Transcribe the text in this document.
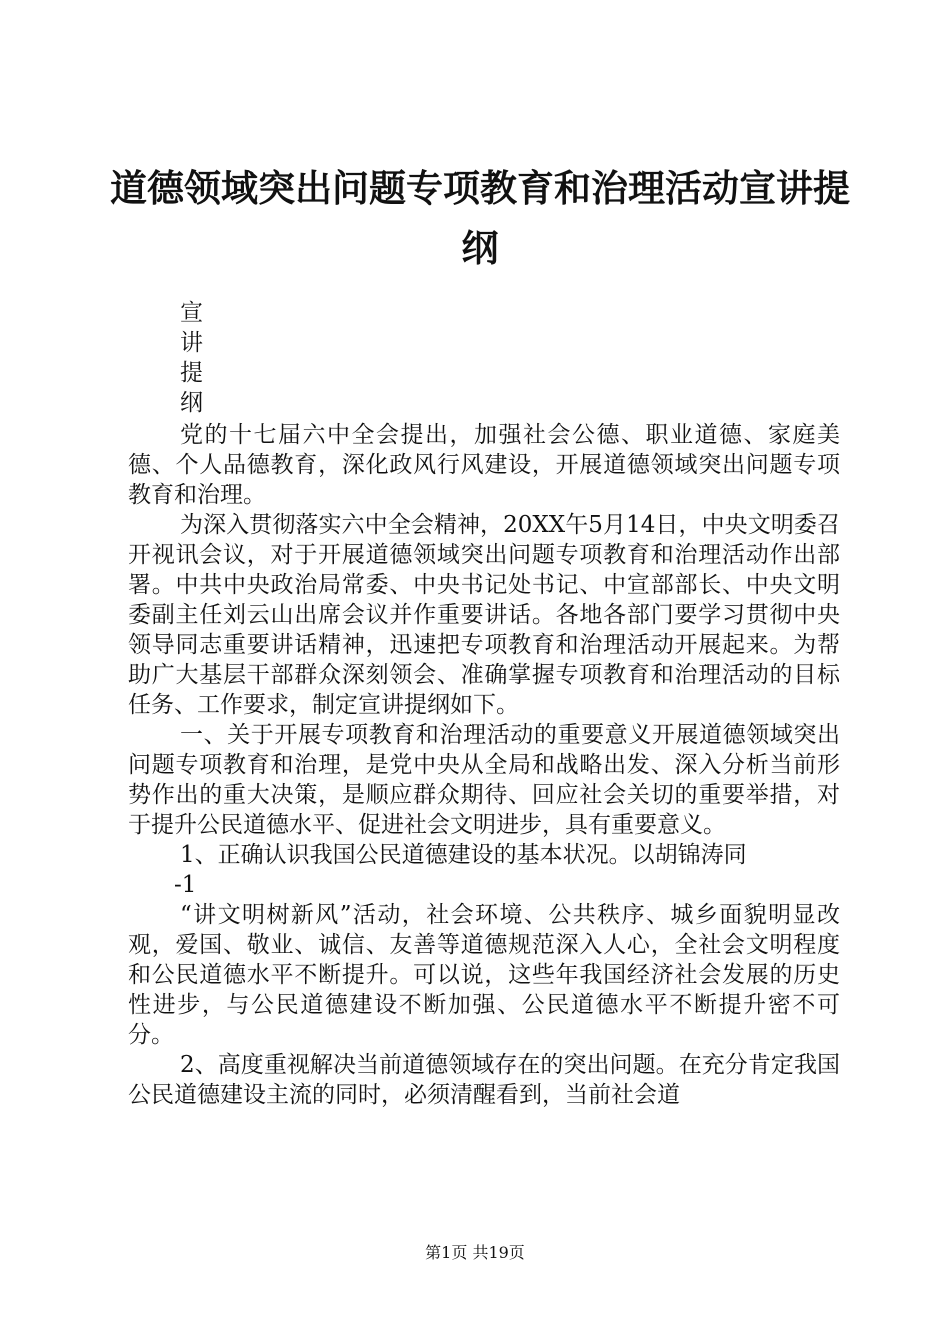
道德领域突出问题专项教育和治理活动宣讲提纲
宣
讲
提
纲

党的十七届六中全会提出，加强社会公德、职业道德、家庭美德、个人品德教育，深化政风行风建设，开展道德领域突出问题专项教育和治理。

为深入贯彻落实六中全会精神，20XX午5月14日，中央文明委召开视讯会议，对于开展道德领域突出问题专项教育和治理活动作出部署。中共中央政治局常委、中央书记处书记、中宣部部长、中央文明委副主任刘云山出席会议并作重要讲话。各地各部门要学习贯彻中央领导同志重要讲话精神，迅速把专项教育和治理活动开展起来。为帮助广大基层干部群众深刻领会、准确掌握专项教育和治理活动的目标任务、工作要求，制定宣讲提纲如下。

一、关于开展专项教育和治理活动的重要意义开展道德领域突出问题专项教育和治理，是党中央从全局和战略出发、深入分析当前形势作出的重大决策，是顺应群众期待、回应社会关切的重要举措，对于提升公民道德水平、促进社会文明进步，具有重要意义。

1、正确认识我国公民道德建设的基本状况。以胡锦涛同

-1

“讲文明树新风”活动，社会环境、公共秩序、城乡面貌明显改观，爱国、敬业、诚信、友善等道德规范深入人心，全社会文明程度和公民道德水平不断提升。可以说，这些年我国经济社会发展的历史性进步，与公民道德建设不断加强、公民道德水平不断提升密不可分。

2、高度重视解决当前道德领域存在的突出问题。在充分肯定我国公民道德建设主流的同时，必须清醒看到，当前社会道

第1页 共19页
